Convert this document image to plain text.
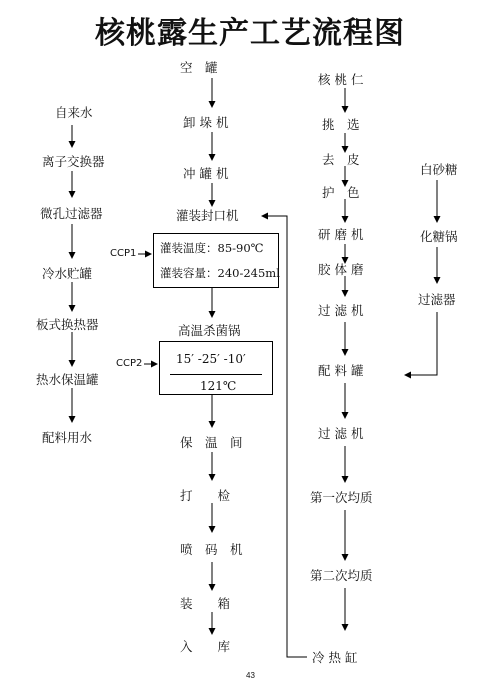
核桃露生产工艺流程图
自来水
离子交换器
微孔过滤器
冷水贮罐
板式换热器
热水保温罐
配料用水
空　罐
卸 垛 机
冲 罐 机
灌装封口机
CCP1 灌装温度：85-90℃
灌装容量：240-245ml
高温杀菌锅
CCP2	15′ -25′ -10′
121℃
保　温　间
打　　检
喷　码　机
装　　箱
入　　库
核 桃 仁
挑　选
去　皮
护　色
研 磨 机
胶 体 磨
过 滤 机
配 料 罐
过 滤 机
第一次均质
第二次均质
冷 热 缸
白砂糖
化糖锅
过滤器
43
